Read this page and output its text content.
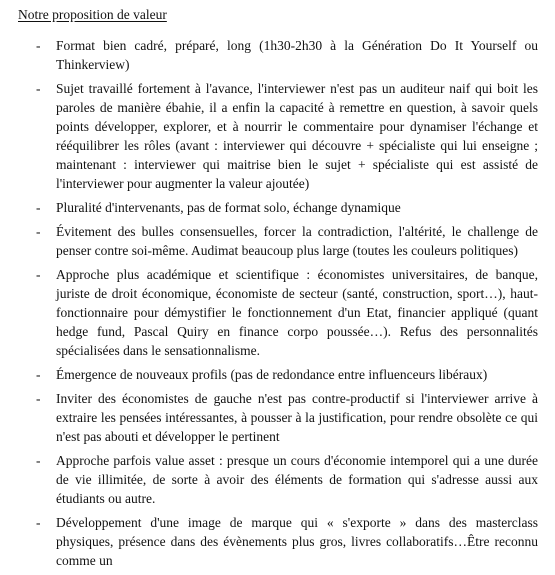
Notre proposition de valeur
- Format bien cadré, préparé, long (1h30-2h30 à la Génération Do It Yourself ou Thinkerview)
- Sujet travaillé fortement à l'avance, l'interviewer n'est pas un auditeur naif qui boit les paroles de manière ébahie, il a enfin la capacité à remettre en question, à savoir quels points développer, explorer, et à nourrir le commentaire pour dynamiser l'échange et rééquilibrer les rôles (avant : interviewer qui découvre + spécialiste qui lui enseigne ; maintenant : interviewer qui maitrise bien le sujet + spécialiste qui est assisté de l'interviewer pour augmenter la valeur ajoutée)
- Pluralité d'intervenants, pas de format solo, échange dynamique
- Évitement des bulles consensuelles, forcer la contradiction, l'altérité, le challenge de penser contre soi-même. Audimat beaucoup plus large (toutes les couleurs politiques)
- Approche plus académique et scientifique : économistes universitaires, de banque, juriste de droit économique, économiste de secteur (santé, construction, sport…), haut-fonctionnaire pour démystifier le fonctionnement d'un Etat, financier appliqué (quant hedge fund, Pascal Quiry en finance corpo poussée…). Refus des personnalités spécialisées dans le sensationnalisme.
- Émergence de nouveaux profils (pas de redondance entre influenceurs libéraux)
- Inviter des économistes de gauche n'est pas contre-productif si l'interviewer arrive à extraire les pensées intéressantes, à pousser à la justification, pour rendre obsolète ce qui n'est pas abouti et développer le pertinent
- Approche parfois value asset : presque un cours d'économie intemporel qui a une durée de vie illimitée, de sorte à avoir des éléments de formation qui s'adresse aussi aux étudiants ou autre.
- Développement d'une image de marque qui « s'exporte » dans des masterclass physiques, présence dans des évènements plus gros, livres collaboratifs…Être reconnu comme un
